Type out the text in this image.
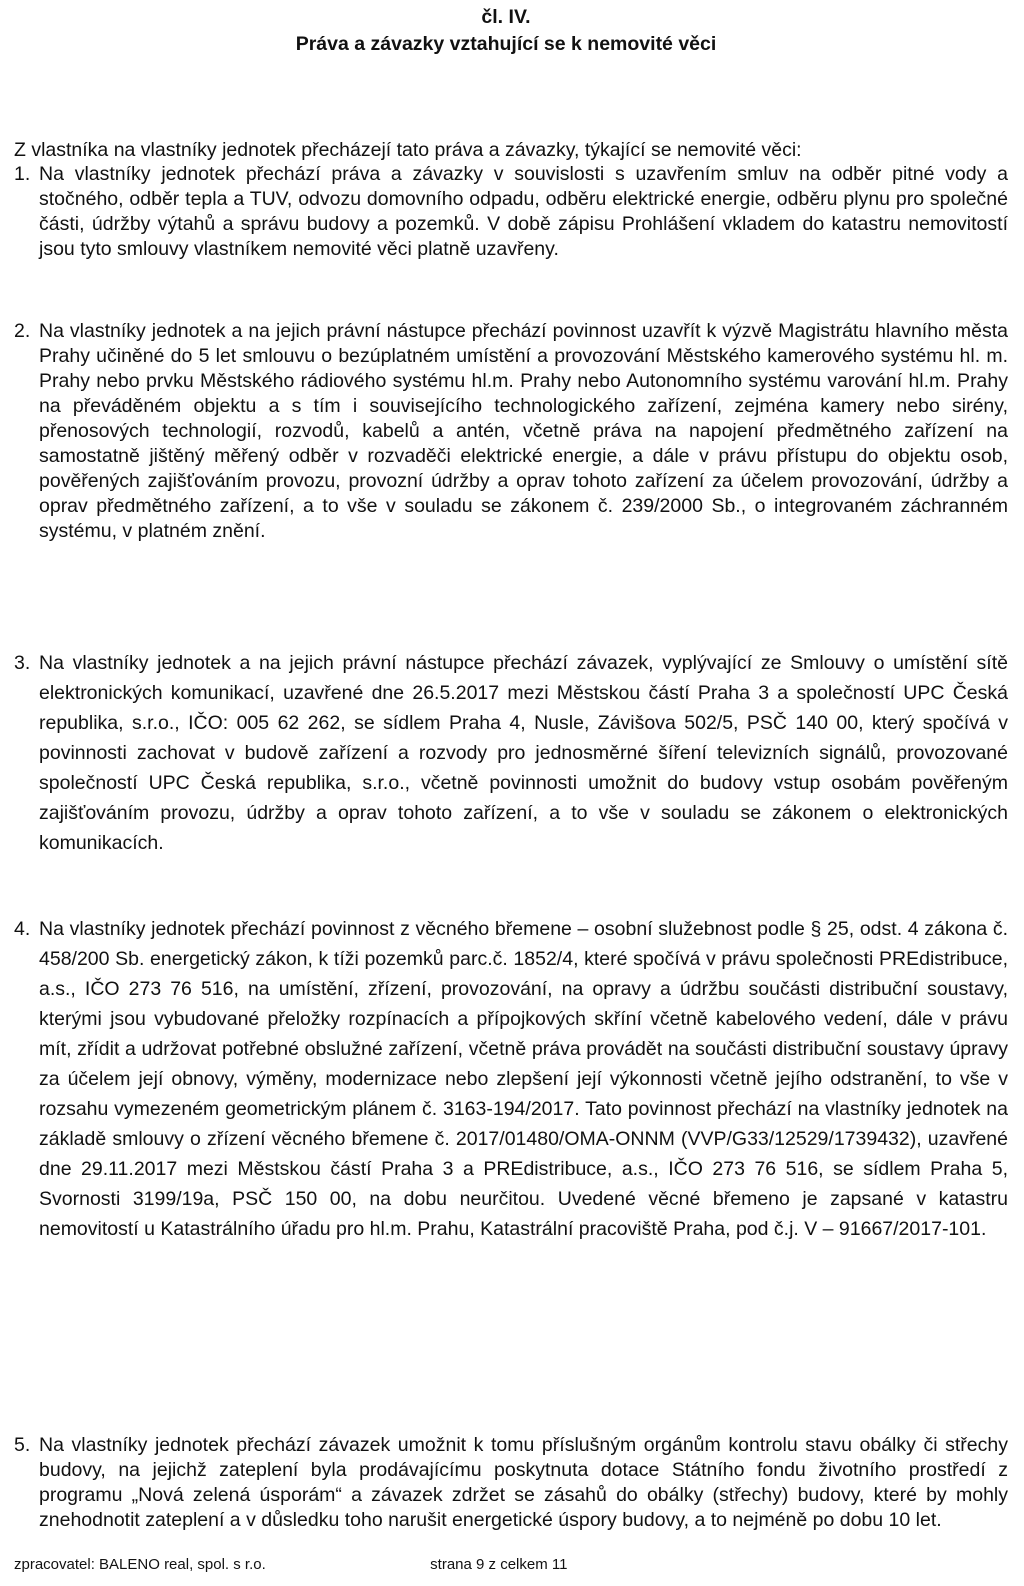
čl. IV.
Práva a závazky vztahující se k nemovité věci

Z vlastníka na vlastníky jednotek přecházejí tato práva a závazky, týkající se nemovité věci:

1. Na vlastníky jednotek přechází práva a závazky v souvislosti s uzavřením smluv na odběr pitné vody a stočného, odběr tepla a TUV, odvozu domovního odpadu, odběru elektrické energie, odběru plynu pro společné části, údržby výtahů a správu budovy a pozemků. V době zápisu Prohlášení vkladem do katastru nemovitostí jsou tyto smlouvy vlastníkem nemovité věci platně uzavřeny.

2. Na vlastníky jednotek a na jejich právní nástupce přechází povinnost uzavřít k výzvě Magistrátu hlavního města Prahy učiněné do 5 let smlouvu o bezúplatném umístění a provozování Městského kamerového systému hl. m. Prahy nebo prvku Městského rádiového systému hl.m. Prahy nebo Autonomního systému varování hl.m. Prahy na převáděném objektu a s tím i souvisejícího technologického zařízení, zejména kamery nebo sirény, přenosových technologií, rozvodů, kabelů a antén, včetně práva na napojení předmětného zařízení na samostatně jištěný měřený odběr v rozvaděči elektrické energie, a dále v právu přístupu do objektu osob, pověřených zajišťováním provozu, provozní údržby a oprav tohoto zařízení za účelem provozování, údržby a oprav předmětného zařízení, a to vše v souladu se zákonem č. 239/2000 Sb., o integrovaném záchranném systému, v platném znění.

3. Na vlastníky jednotek a na jejich právní nástupce přechází závazek, vyplývající ze Smlouvy o umístění sítě elektronických komunikací, uzavřené dne 26.5.2017 mezi Městskou částí Praha 3 a společností UPC Česká republika, s.r.o., IČO: 005 62 262, se sídlem Praha 4, Nusle, Závišova 502/5, PSČ 140 00, který spočívá v povinnosti zachovat v budově zařízení a rozvody pro jednosměrné šíření televizních signálů, provozované společností UPC Česká republika, s.r.o., včetně povinnosti umožnit do budovy vstup osobám pověřeným zajišťováním provozu, údržby a oprav tohoto zařízení, a to vše v souladu se zákonem o elektronických komunikacích.

4. Na vlastníky jednotek přechází povinnost z věcného břemene – osobní služebnost podle § 25, odst. 4 zákona č. 458/200 Sb. energetický zákon, k tíži pozemků parc.č. 1852/4, které spočívá v právu společnosti PREdistribuce, a.s., IČO 273 76 516, na umístění, zřízení, provozování, na opravy a údržbu součásti distribuční soustavy, kterými jsou vybudované přeložky rozpínacích a přípojkových skříní včetně kabelového vedení, dále v právu mít, zřídit a udržovat potřebné obslužné zařízení, včetně práva provádět na součásti distribuční soustavy úpravy za účelem její obnovy, výměny, modernizace nebo zlepšení její výkonnosti včetně jejího odstranění, to vše v rozsahu vymezeném geometrickým plánem č. 3163-194/2017. Tato povinnost přechází na vlastníky jednotek na základě smlouvy o zřízení věcného břemene č. 2017/01480/OMA-ONNM (VVP/G33/12529/1739432), uzavřené dne 29.11.2017 mezi Městskou částí Praha 3 a PREdistribuce, a.s., IČO 273 76 516, se sídlem Praha 5, Svornosti 3199/19a, PSČ 150 00, na dobu neurčitou. Uvedené věcné břemeno je zapsané v katastru nemovitostí u Katastrálního úřadu pro hl.m. Prahu, Katastrální pracoviště Praha, pod č.j. V – 91667/2017-101.

5. Na vlastníky jednotek přechází závazek umožnit k tomu příslušným orgánům kontrolu stavu obálky či střechy budovy, na jejichž zateplení byla prodávajícímu poskytnuta dotace Státního fondu životního prostředí z programu „Nová zelená úsporám“ a závazek zdržet se zásahů do obálky (střechy) budovy, které by mohly znehodnotit zateplení a v důsledku toho narušit energetické úspory budovy, a to nejméně po dobu 10 let.

zpracovatel: BALENO real, spol. s r.o.	strana 9 z celkem 11
